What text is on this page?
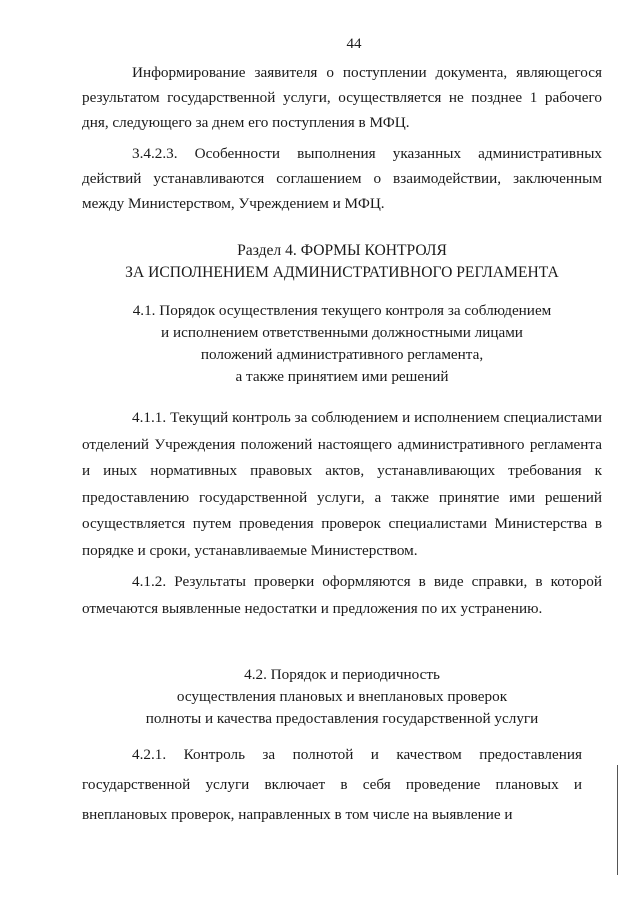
44

Информирование заявителя о поступлении документа, являющегося результатом государственной услуги, осуществляется не позднее 1 рабочего дня, следующего за днем его поступления в МФЦ.

3.4.2.3. Особенности выполнения указанных административных действий устанавливаются соглашением о взаимодействии, заключенным между Министерством, Учреждением и МФЦ.

Раздел 4. ФОРМЫ КОНТРОЛЯ
ЗА ИСПОЛНЕНИЕМ АДМИНИСТРАТИВНОГО РЕГЛАМЕНТА
4.1. Порядок осуществления текущего контроля за соблюдением
и исполнением ответственными должностными лицами
положений административного регламента,
а также принятием ими решений

4.1.1. Текущий контроль за соблюдением и исполнением специалистами отделений Учреждения положений настоящего административного регламента и иных нормативных правовых актов, устанавливающих требования к предоставлению государственной услуги, а также принятие ими решений осуществляется путем проведения проверок специалистами Министерства в порядке и сроки, устанавливаемые Министерством.

4.1.2. Результаты проверки оформляются в виде справки, в которой отмечаются выявленные недостатки и предложения по их устранению.

4.2. Порядок и периодичность
осуществления плановых и внеплановых проверок
полноты и качества предоставления государственной услуги

4.2.1. Контроль за полнотой и качеством предоставления государственной услуги включает в себя проведение плановых и внеплановых проверок, направленных в том числе на выявление и
